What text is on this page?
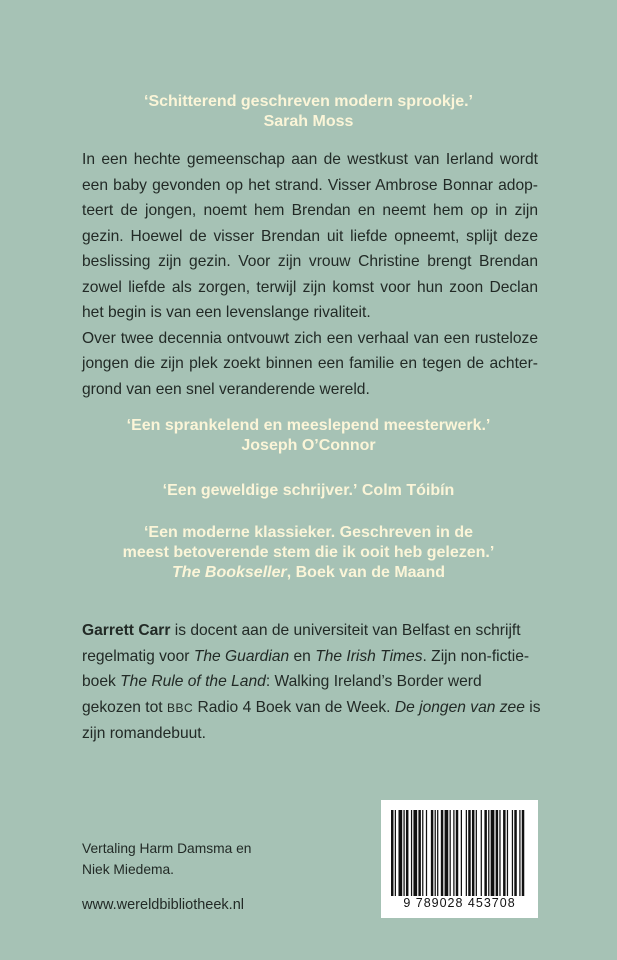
‘Schitterend geschreven modern sprookje.’
Sarah Moss

In een hechte gemeenschap aan de westkust van Ierland wordt een baby gevonden op het strand. Visser Ambrose Bonnar adopteert de jongen, noemt hem Brendan en neemt hem op in zijn gezin. Hoewel de visser Brendan uit liefde opneemt, splijt deze beslissing zijn gezin. Voor zijn vrouw Christine brengt Brendan zowel liefde als zorgen, terwijl zijn komst voor hun zoon Declan het begin is van een levenslange rivaliteit.

Over twee decennia ontvouwt zich een verhaal van een rusteloze jongen die zijn plek zoekt binnen een familie en tegen de achtergrond van een snel veranderende wereld.

‘Een sprankelend en meeslepend meesterwerk.’
Joseph O’Connor
‘Een geweldige schrijver.’ Colm Tóibín
‘Een moderne klassieker. Geschreven in de
meest betoverende stem die ik ooit heb gelezen.’
The Bookseller, Boek van de Maand
Garrett Carr is docent aan de universiteit van Belfast en schrijft regelmatig voor The Guardian en The Irish Times. Zijn non-fictieboek The Rule of the Land: Walking Ireland’s Border werd gekozen tot BBC Radio 4 Boek van de Week. De jongen van zee is zijn romandebuut.
Vertaling Harm Damsma en
Niek Miedema.
www.wereldbibliotheek.nl	9 789028 453708
